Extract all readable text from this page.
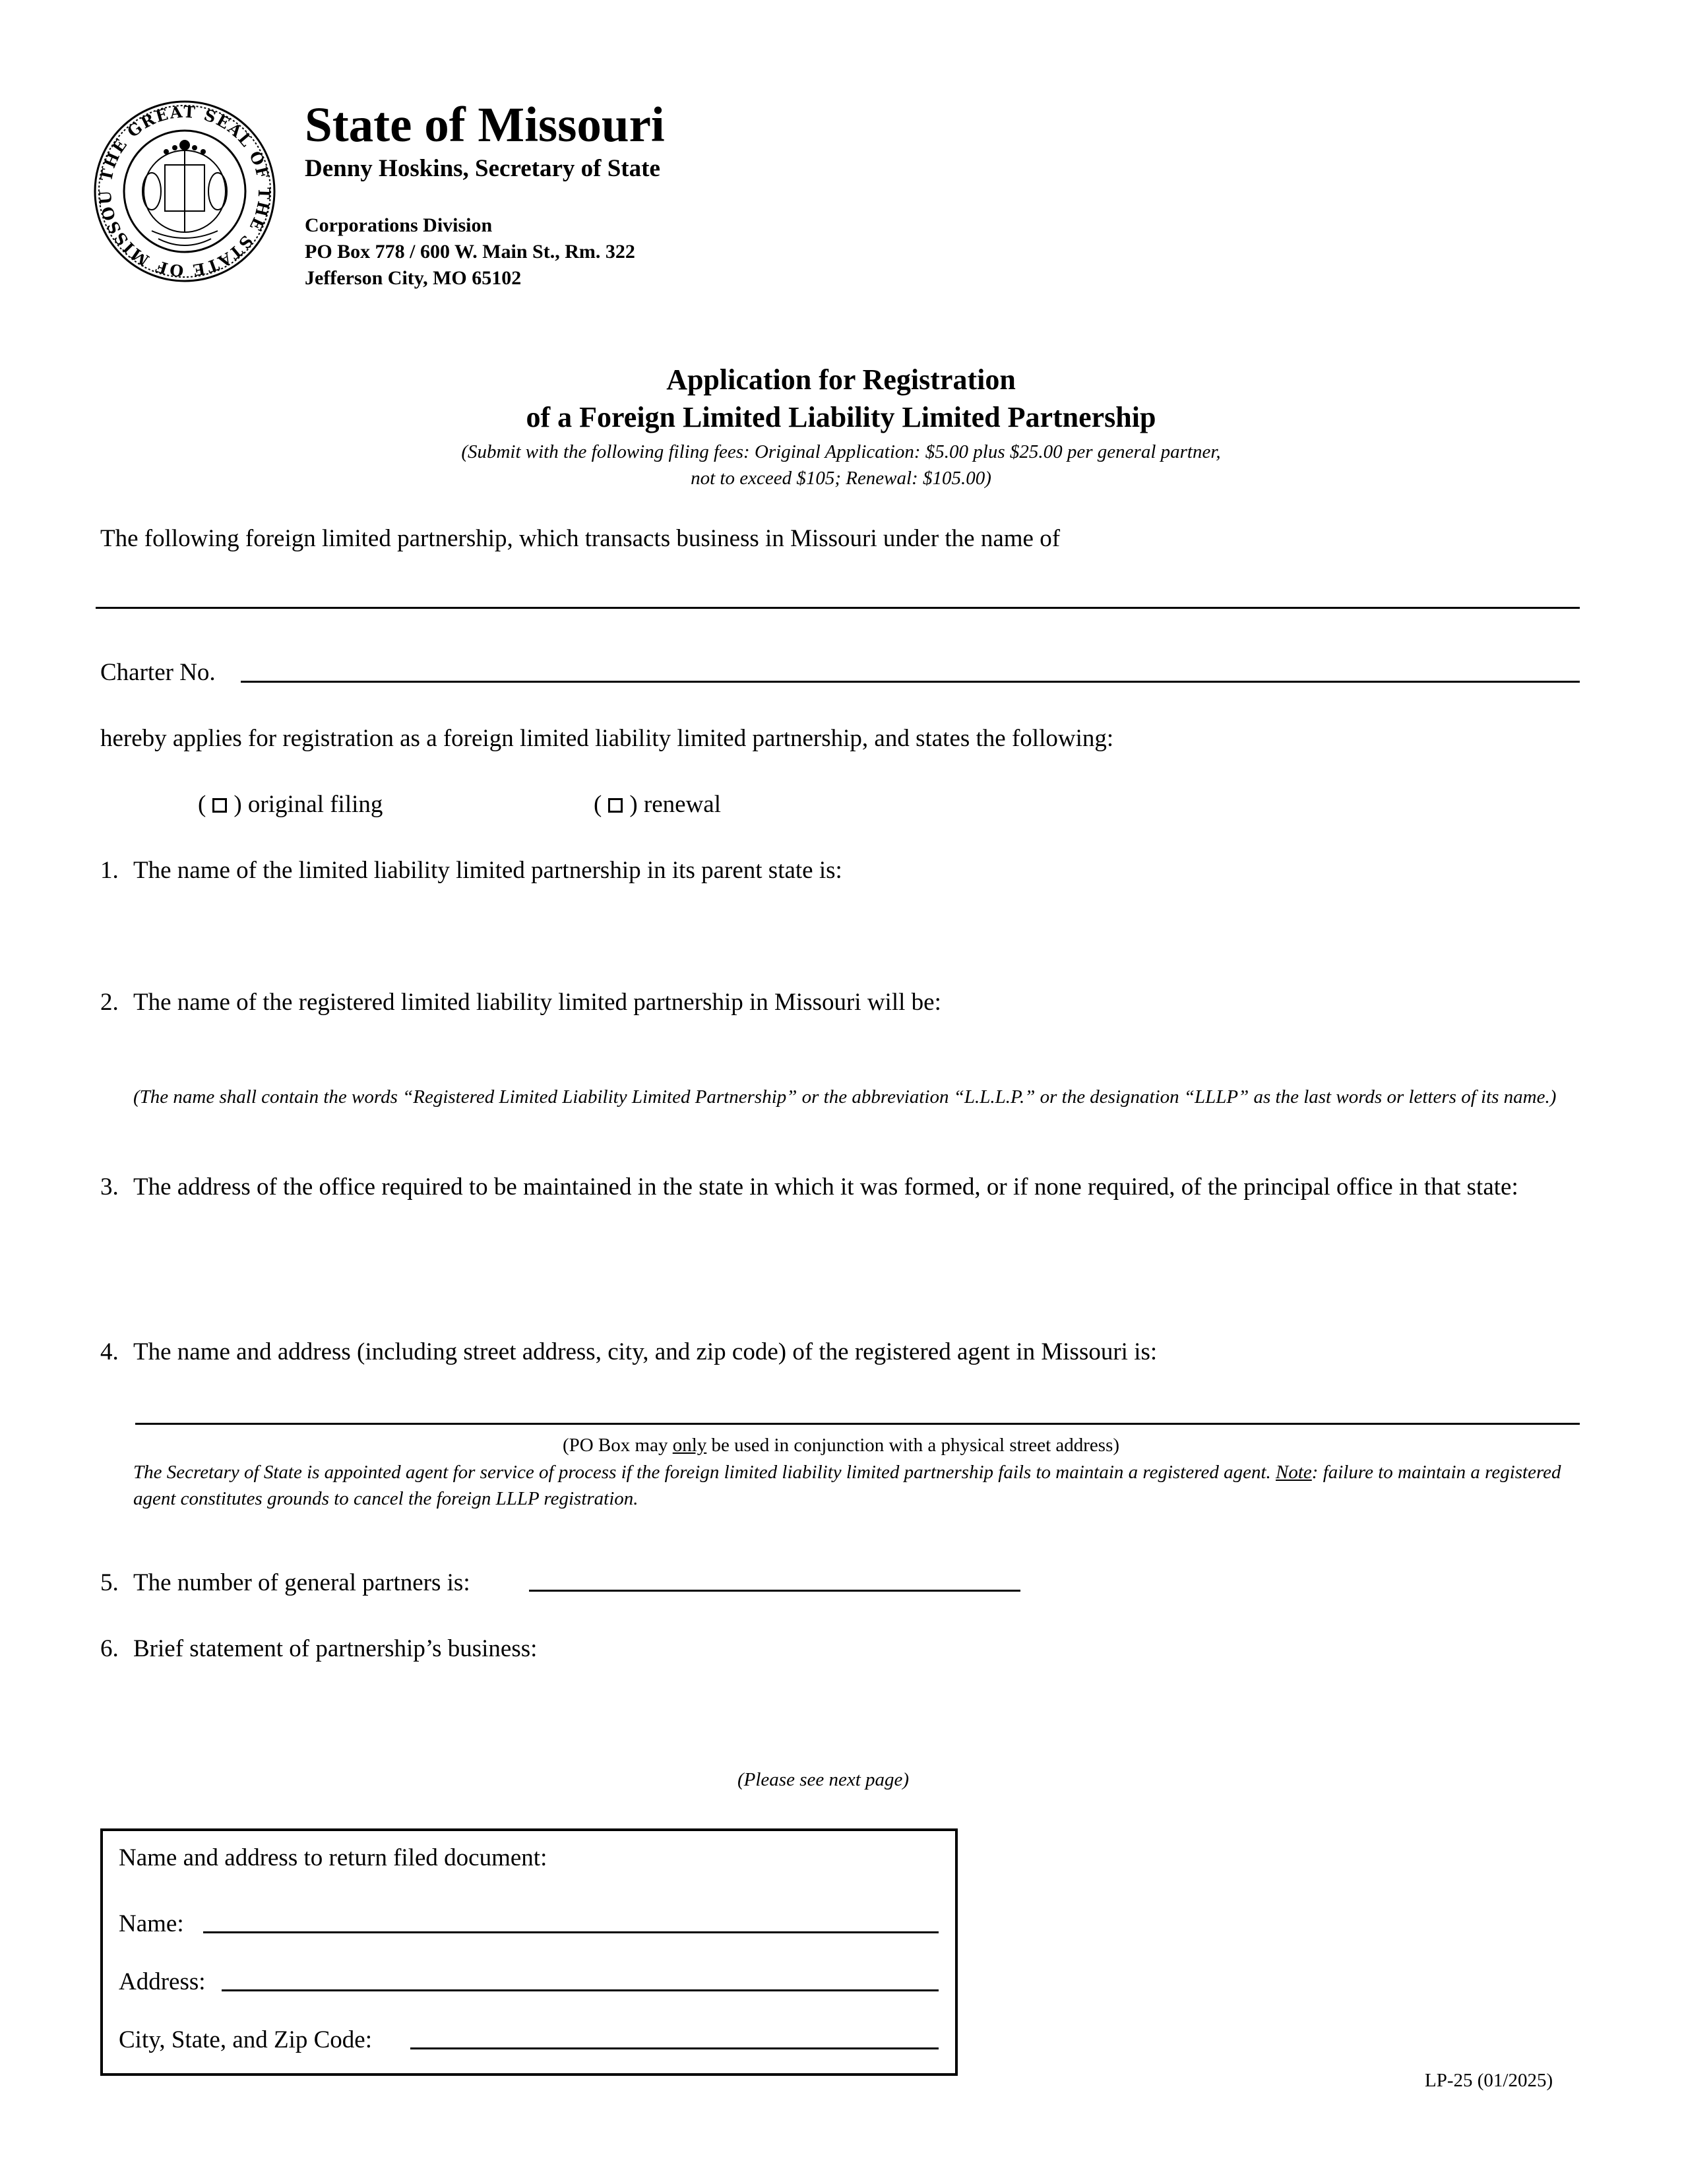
THE GREAT SEAL OF THE STATE OF MISSOU
State of Missouri
Denny Hoskins, Secretary of State
Corporations Division
PO Box 778 / 600 W. Main St., Rm. 322
Jefferson City, MO 65102
Application for Registration
of a Foreign Limited Liability Limited Partnership
(Submit with the following filing fees: Original Application: $5.00 plus $25.00 per general partner,
not to exceed $105; Renewal: $105.00)
The following foreign limited partnership, which transacts business in Missouri under the name of
Charter No.
hereby applies for registration as a foreign limited liability limited partnership, and states the following:
( ) original filing	( ) renewal
1. The name of the limited liability limited partnership in its parent state is:
2. The name of the registered limited liability limited partnership in Missouri will be:
(The name shall contain the words “Registered Limited Liability Limited Partnership” or the abbreviation “L.L.L.P.” or the designation “LLLP” as the last words or letters of its name.)
3. The address of the office required to be maintained in the state in which it was formed, or if none required, of the principal office in that state:
4. The name and address (including street address, city, and zip code) of the registered agent in Missouri is:
(PO Box may only be used in conjunction with a physical street address)
The Secretary of State is appointed agent for service of process if the foreign limited liability limited partnership fails to maintain a registered agent. Note: failure to maintain a registered agent constitutes grounds to cancel the foreign LLLP registration.
5. The number of general partners is:
6. Brief statement of partnership’s business:
(Please see next page)
Name and address to return filed document:
Name:
Address:
City, State, and Zip Code:
LP-25 (01/2025)
